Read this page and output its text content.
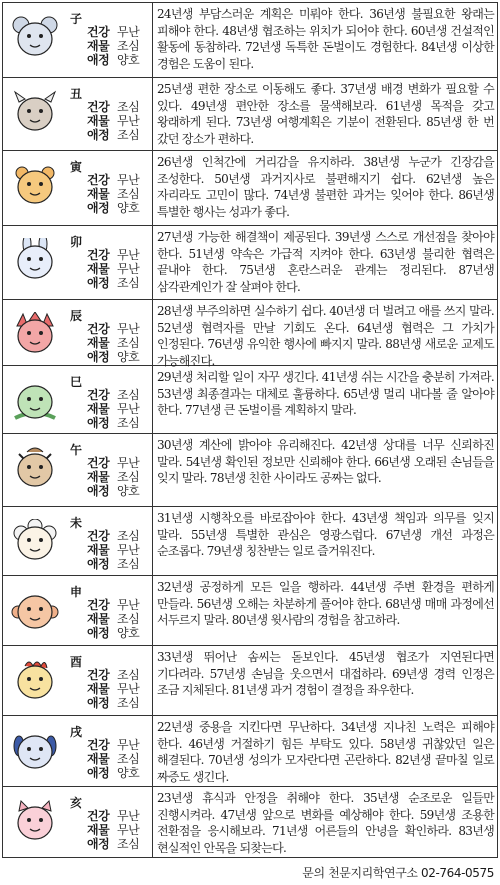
子
건강 무난
재물 조심
애정 양호
24년생 부담스러운 계획은 미뤄야 한다. 36년생 불필요한 왕래는 피해야 한다. 48년생 협조하는 위치가 되어야 한다. 60년생 건설적인 활동에 동참하라. 72년생 독특한 돈벌이도 경험한다. 84년생 이상한 경험은 도움이 된다.
丑
건강 조심
재물 무난
애정 조심
25년생 편한 장소로 이동해도 좋다. 37년생 배경 변화가 필요할 수 있다. 49년생 편안한 장소를 물색해보라. 61년생 목적을 갖고 왕래하게 된다. 73년생 여행계획은 기분이 전환된다. 85년생 한 번 갔던 장소가 편하다.
寅
건강 무난
재물 조심
애정 양호
26년생 인척간에 거리감을 유지하라. 38년생 누군가 긴장감을 조성한다. 50년생 과거지사로 불편해지기 쉽다. 62년생 높은 자리라도 고민이 많다. 74년생 불편한 과거는 잊어야 한다. 86년생 특별한 행사는 성과가 좋다.
卯
건강 무난
재물 무난
애정 조심
27년생 가능한 해결책이 제공된다. 39년생 스스로 개선점을 찾아야 한다. 51년생 약속은 가급적 지켜야 한다. 63년생 불리한 협력은 끝내야 한다. 75년생 혼란스러운 관계는 정리된다. 87년생 삼각관계인가 잘 살펴야 한다.
辰
건강 무난
재물 조심
애정 양호
28년생 부주의하면 실수하기 쉽다. 40년생 더 벌려고 애를 쓰지 말라. 52년생 협력자를 만날 기회도 온다. 64년생 협력은 그 가치가 인정된다. 76년생 유익한 행사에 빠지지 말라. 88년생 새로운 교제도 가능해진다.
巳
건강 조심
재물 무난
애정 조심
29년생 처리할 일이 자꾸 생긴다. 41년생 쉬는 시간을 충분히 가져라. 53년생 최종결과는 대체로 훌륭하다. 65년생 멀리 내다볼 줄 알아야 한다. 77년생 큰 돈벌이를 계획하지 말라.
午
건강 무난
재물 조심
애정 양호
30년생 계산에 밝아야 유리해진다. 42년생 상대를 너무 신뢰하진 말라. 54년생 확인된 정보만 신뢰해야 한다. 66년생 오래된 손님들을 잊지 말라. 78년생 친한 사이라도 공짜는 없다.
未
건강 조심
재물 무난
애정 조심
31년생 시행착오를 바로잡아야 한다. 43년생 책임과 의무를 잊지 말라. 55년생 특별한 관심은 영광스럽다. 67년생 개선 과정은 순조롭다. 79년생 칭찬받는 일로 즐거워진다.
申
건강 무난
재물 조심
애정 양호
32년생 공정하게 모든 일을 행하라. 44년생 주변 환경을 편하게 만들라. 56년생 오해는 차분하게 풀어야 한다. 68년생 매매 과정에선 서두르지 말라. 80년생 윗사람의 경험을 참고하라.
酉
건강 조심
재물 무난
애정 조심
33년생 뛰어난 솜씨는 돋보인다. 45년생 협조가 지연된다면 기다려라. 57년생 손님을 웃으면서 대접하라. 69년생 경력 인정은 조금 지체된다. 81년생 과거 경험이 결정을 좌우한다.
戌
건강 무난
재물 조심
애정 양호
22년생 중용을 지킨다면 무난하다. 34년생 지나친 노력은 피해야 한다. 46년생 거절하기 힘든 부탁도 있다. 58년생 귀찮았던 일은 해결된다. 70년생 성의가 모자란다면 곤란하다. 82년생 끝마칠 일로 짜증도 생긴다.
亥
건강 무난
재물 무난
애정 조심
23년생 휴식과 안정을 취해야 한다. 35년생 순조로운 일들만 진행시켜라. 47년생 앞으로 변화를 예상해야 한다. 59년생 조용한 전환점을 응시해보라. 71년생 어른들의 안녕을 확인하라. 83년생 현실적인 안목을 되찾는다.
문의 천문지리학연구소 02-764-0575
